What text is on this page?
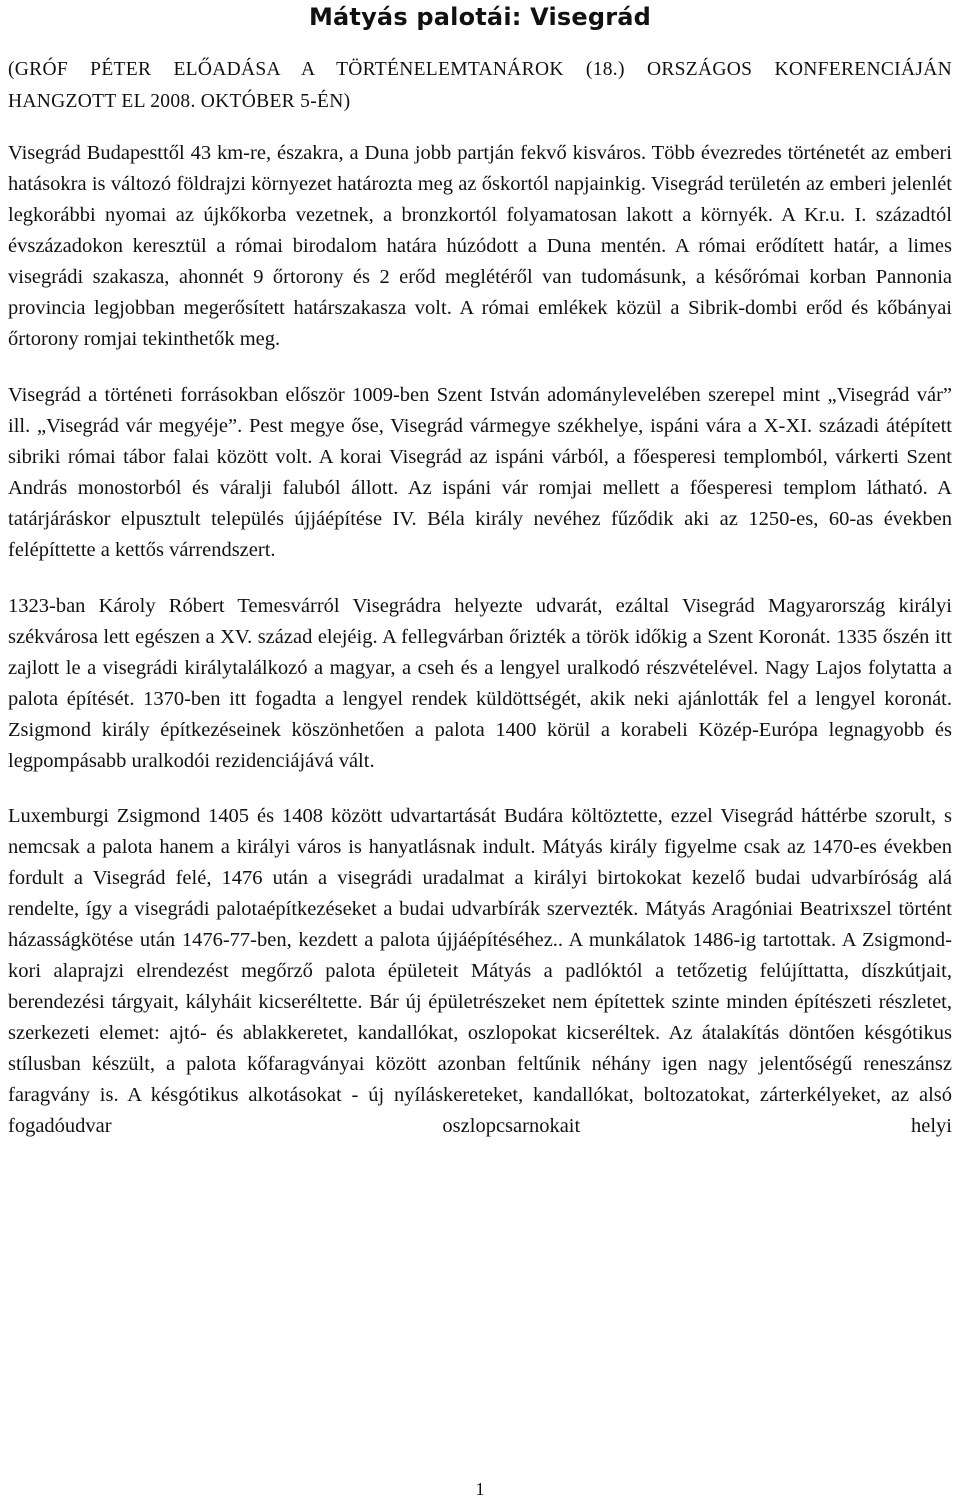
Mátyás palotái: Visegrád
(GRÓF PÉTER ELŐADÁSA A TÖRTÉNELEMTANÁROK (18.) ORSZÁGOS KONFERENCIÁJÁN
HANGZOTT EL 2008. OKTÓBER 5-ÉN)

Visegrád Budapesttől 43 km-re, északra, a Duna jobb partján fekvő kisváros. Több évezredes történetét az emberi hatásokra is változó földrajzi környezet határozta meg az őskortól napjainkig. Visegrád területén az emberi jelenlét legkorábbi nyomai az újkőkorba vezetnek, a bronzkortól folyamatosan lakott a környék. A Kr.u. I. századtól évszázadokon keresztül a római birodalom határa húzódott a Duna mentén. A római erődített határ, a limes visegrádi szakasza, ahonnét 9 őrtorony és 2 erőd meglétéről van tudomásunk, a későrómai korban Pannonia provincia legjobban megerősített határszakasza volt. A római emlékek közül a Sibrik-dombi erőd és kőbányai őrtorony romjai tekinthetők meg.

Visegrád a történeti forrásokban először 1009-ben Szent István adománylevelében szerepel mint „Visegrád vár” ill. „Visegrád vár megyéje”. Pest megye őse, Visegrád vármegye székhelye, ispáni vára a X-XI. századi átépített sibriki római tábor falai között volt. A korai Visegrád az ispáni várból, a főesperesi templomból, várkerti Szent András monostorból és váralji faluból állott. Az ispáni vár romjai mellett a főesperesi templom látható. A tatárjáráskor elpusztult település újjáépítése IV. Béla király nevéhez fűződik aki az 1250-es, 60-as években felépíttette a kettős várrendszert.

1323-ban Károly Róbert Temesvárról Visegrádra helyezte udvarát, ezáltal Visegrád Magyarország királyi székvárosa lett egészen a XV. század elejéig. A fellegvárban őrizték a török időkig a Szent Koronát. 1335 őszén itt zajlott le a visegrádi királytalálkozó a magyar, a cseh és a lengyel uralkodó részvételével. Nagy Lajos folytatta a palota építését. 1370-ben itt fogadta a lengyel rendek küldöttségét, akik neki ajánlották fel a lengyel koronát. Zsigmond király építkezéseinek köszönhetően a palota 1400 körül a korabeli Közép-Európa legnagyobb és legpompásabb uralkodói rezidenciájává vált.

Luxemburgi Zsigmond 1405 és 1408 között udvartartását Budára költöztette, ezzel Visegrád háttérbe szorult, s nemcsak a palota hanem a királyi város is hanyatlásnak indult. Mátyás király figyelme csak az 1470-es években fordult a Visegrád felé, 1476 után a visegrádi uradalmat a királyi birtokokat kezelő budai udvarbíróság alá rendelte, így a visegrádi palotaépítkezéseket a budai udvarbírák szervezték. Mátyás Aragóniai Beatrixszel történt házasságkötése után 1476-77-ben, kezdett a palota újjáépítéséhez.. A munkálatok 1486-ig tartottak. A Zsigmond-kori alaprajzi elrendezést megőrző palota épületeit Mátyás a padlóktól a tetőzetig felújíttatta, díszkútjait, berendezési tárgyait, kályháit kicseréltette. Bár új épületrészeket nem építettek szinte minden építészeti részletet, szerkezeti elemet: ajtó- és ablakkeretet, kandallókat, oszlopokat kicseréltek. Az átalakítás döntően késgótikus stílusban készült, a palota kőfaragványai között azonban feltűnik néhány igen nagy jelentőségű reneszánsz faragvány is. A késgótikus alkotásokat - új nyíláskereteket, kandallókat, boltozatokat, zárterkélyeket, az alsó fogadóudvar oszlopcsarnokait helyi

1
